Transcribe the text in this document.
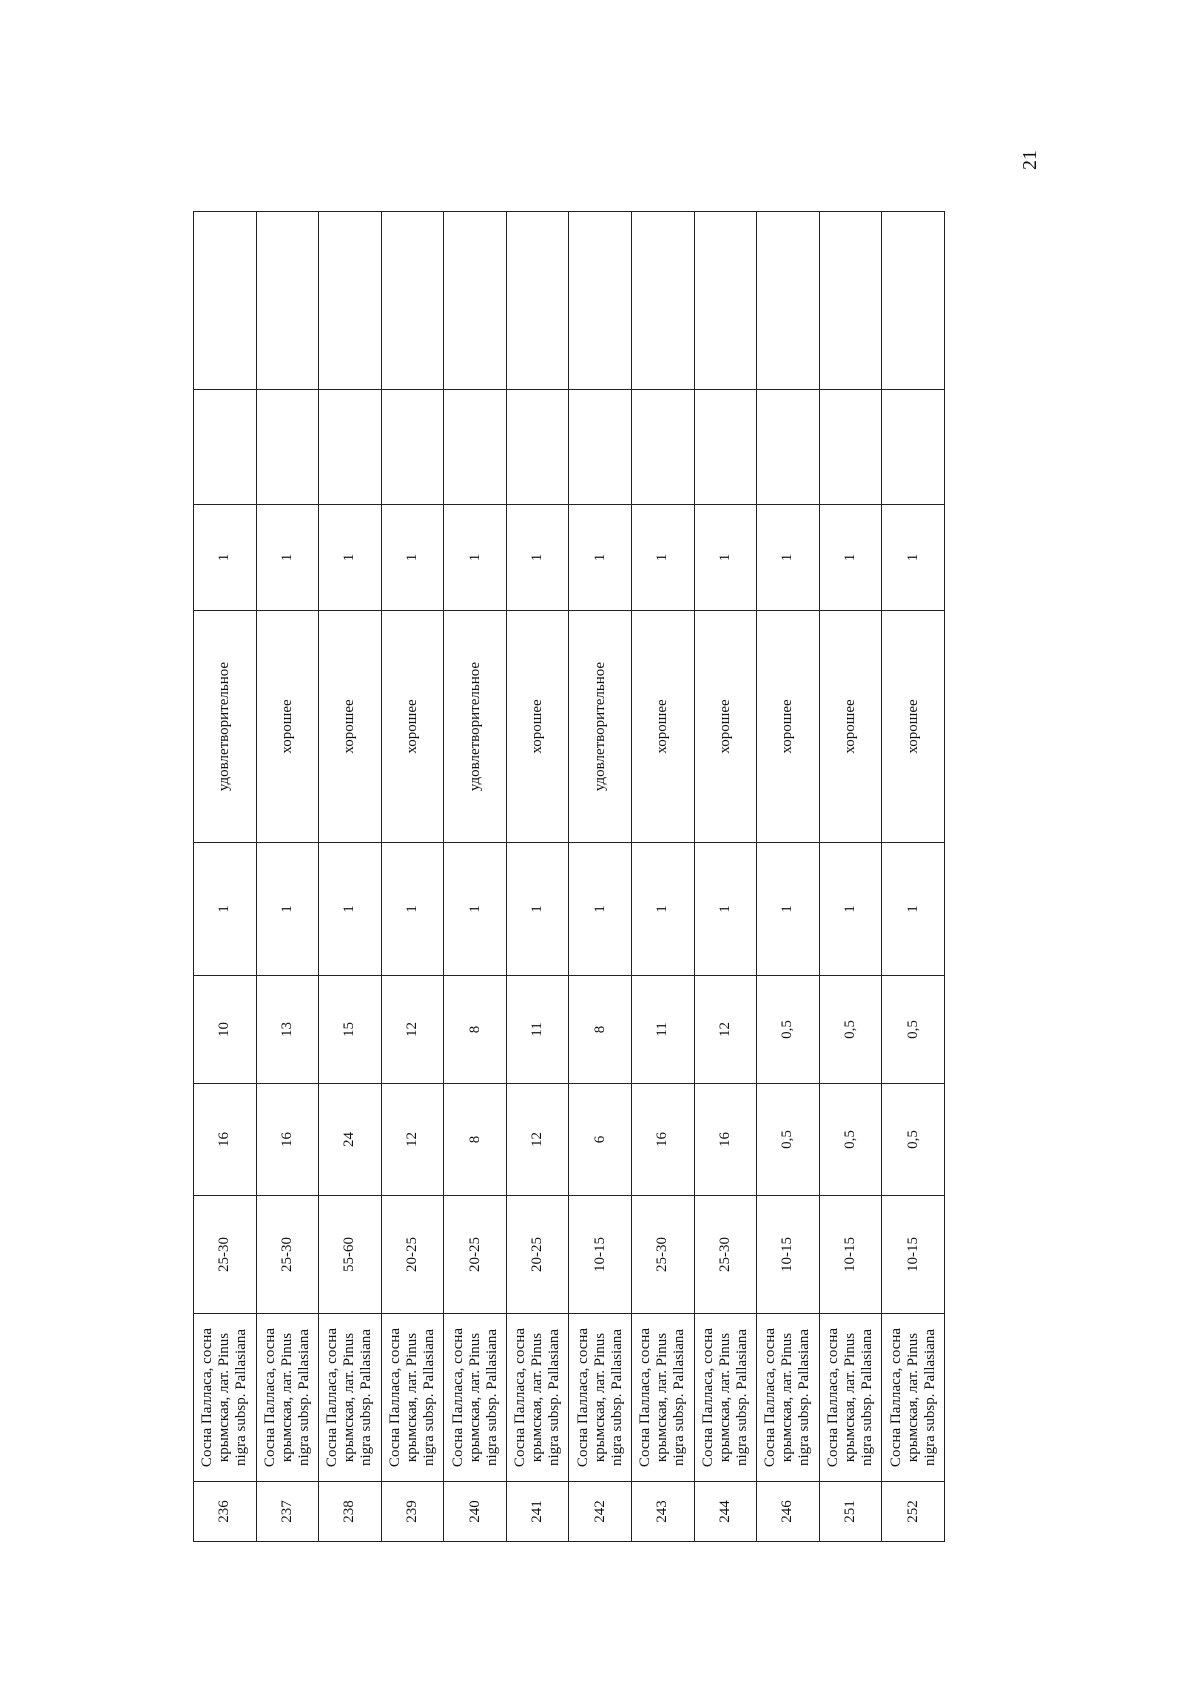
21
236	Сосна Палласа, сосна крымская, лат. Pinus nigra subsp. Pallasiana	25-30	16	10	1	удовлетворительное	1		
237	Сосна Палласа, сосна крымская, лат. Pinus nigra subsp. Pallasiana	25-30	16	13	1	хорошее	1		
238	Сосна Палласа, сосна крымская, лат. Pinus nigra subsp. Pallasiana	55-60	24	15	1	хорошее	1		
239	Сосна Палласа, сосна крымская, лат. Pinus nigra subsp. Pallasiana	20-25	12	12	1	хорошее	1		
240	Сосна Палласа, сосна крымская, лат. Pinus nigra subsp. Pallasiana	20-25	8	8	1	удовлетворительное	1		
241	Сосна Палласа, сосна крымская, лат. Pinus nigra subsp. Pallasiana	20-25	12	11	1	хорошее	1		
242	Сосна Палласа, сосна крымская, лат. Pinus nigra subsp. Pallasiana	10-15	6	8	1	удовлетворительное	1		
243	Сосна Палласа, сосна крымская, лат. Pinus nigra subsp. Pallasiana	25-30	16	11	1	хорошее	1		
244	Сосна Палласа, сосна крымская, лат. Pinus nigra subsp. Pallasiana	25-30	16	12	1	хорошее	1		
246	Сосна Палласа, сосна крымская, лат. Pinus nigra subsp. Pallasiana	10-15	0,5	0,5	1	хорошее	1		
251	Сосна Палласа, сосна крымская, лат. Pinus nigra subsp. Pallasiana	10-15	0,5	0,5	1	хорошее	1		
252	Сосна Палласа, сосна крымская, лат. Pinus nigra subsp. Pallasiana	10-15	0,5	0,5	1	хорошее	1		
